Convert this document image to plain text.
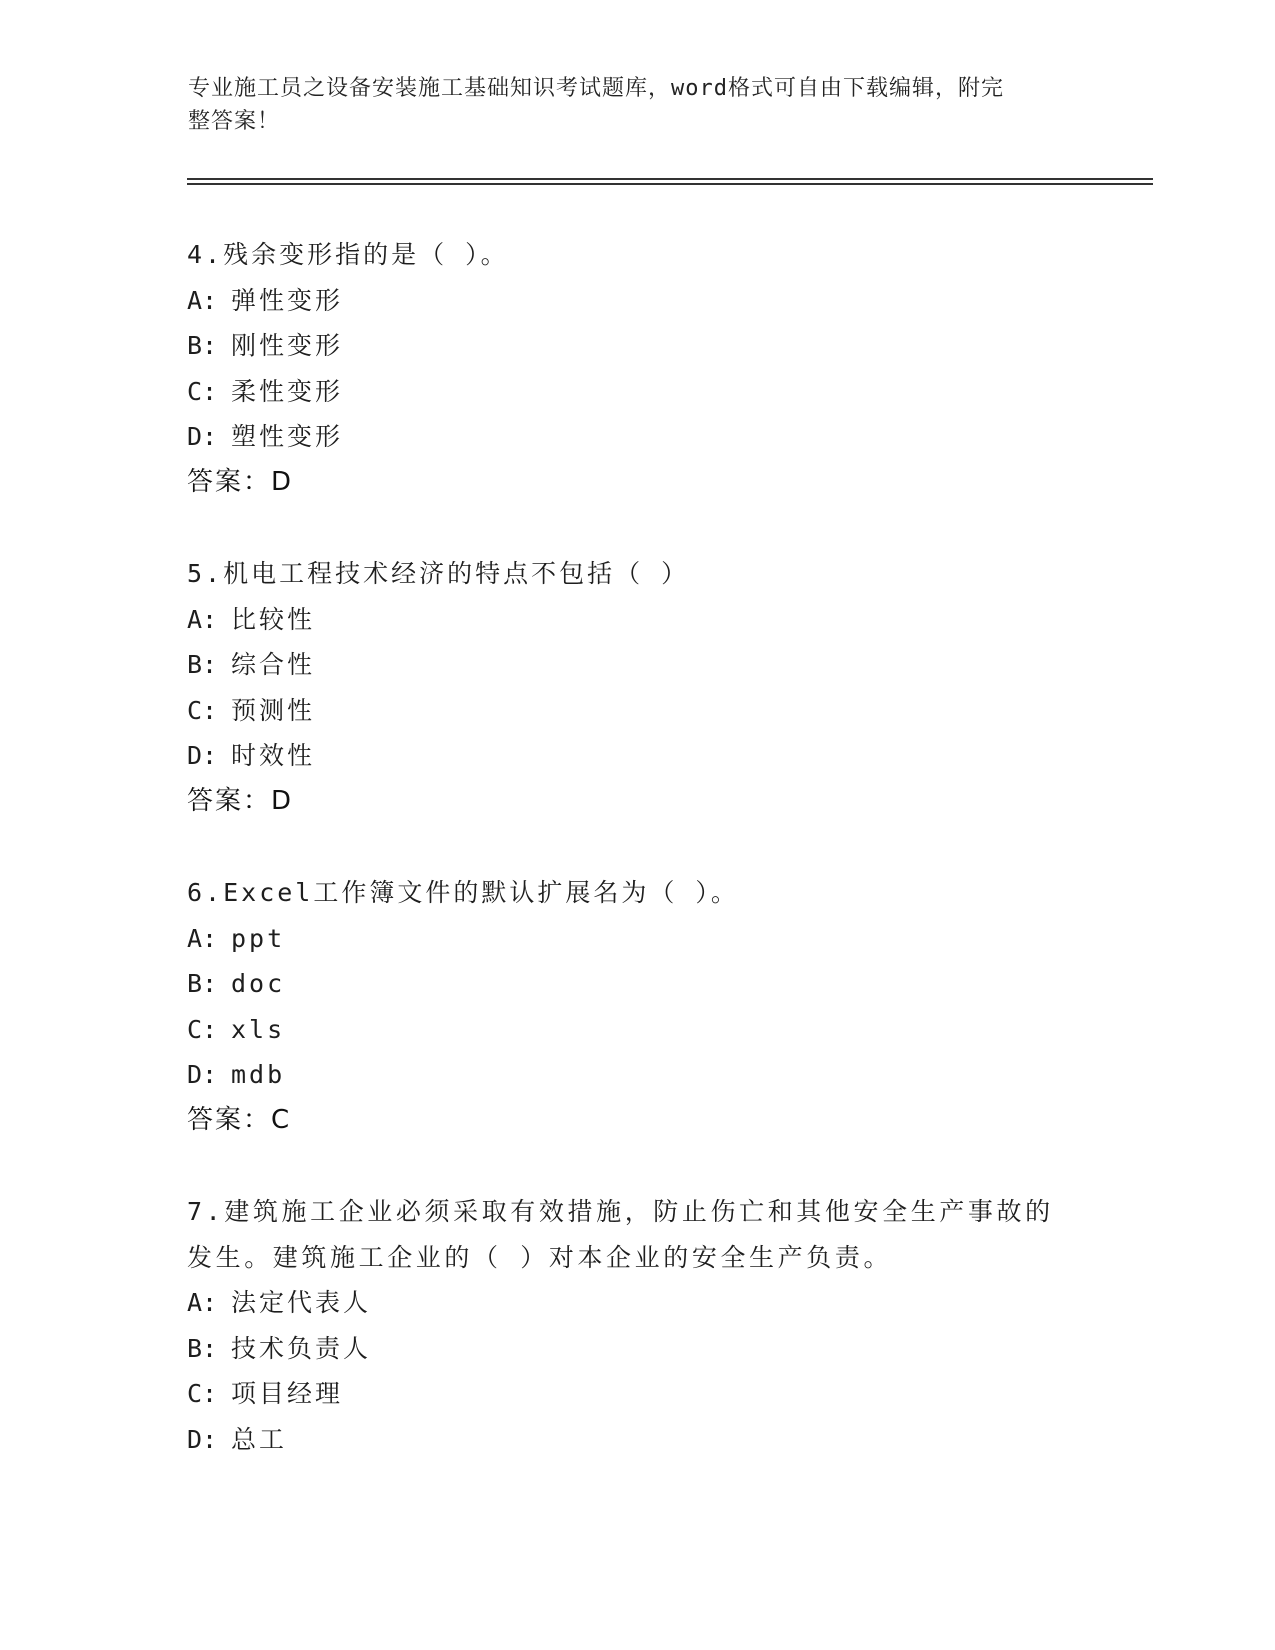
专业施工员之设备安装施工基础知识考试题库，word格式可自由下载编辑，附完
整答案！
4.残余变形指的是（ ）。
A: 弹性变形
B: 刚性变形
C: 柔性变形
D: 塑性变形
答案：D
5.机电工程技术经济的特点不包括（ ）
A: 比较性
B: 综合性
C: 预测性
D: 时效性
答案：D
6.Excel工作簿文件的默认扩展名为（ ）。
A: ppt
B: doc
C: xls
D: mdb
答案：C
7.建筑施工企业必须采取有效措施，防止伤亡和其他安全生产事故的
发生。建筑施工企业的（ ）对本企业的安全生产负责。
A: 法定代表人
B: 技术负责人
C: 项目经理
D: 总工
